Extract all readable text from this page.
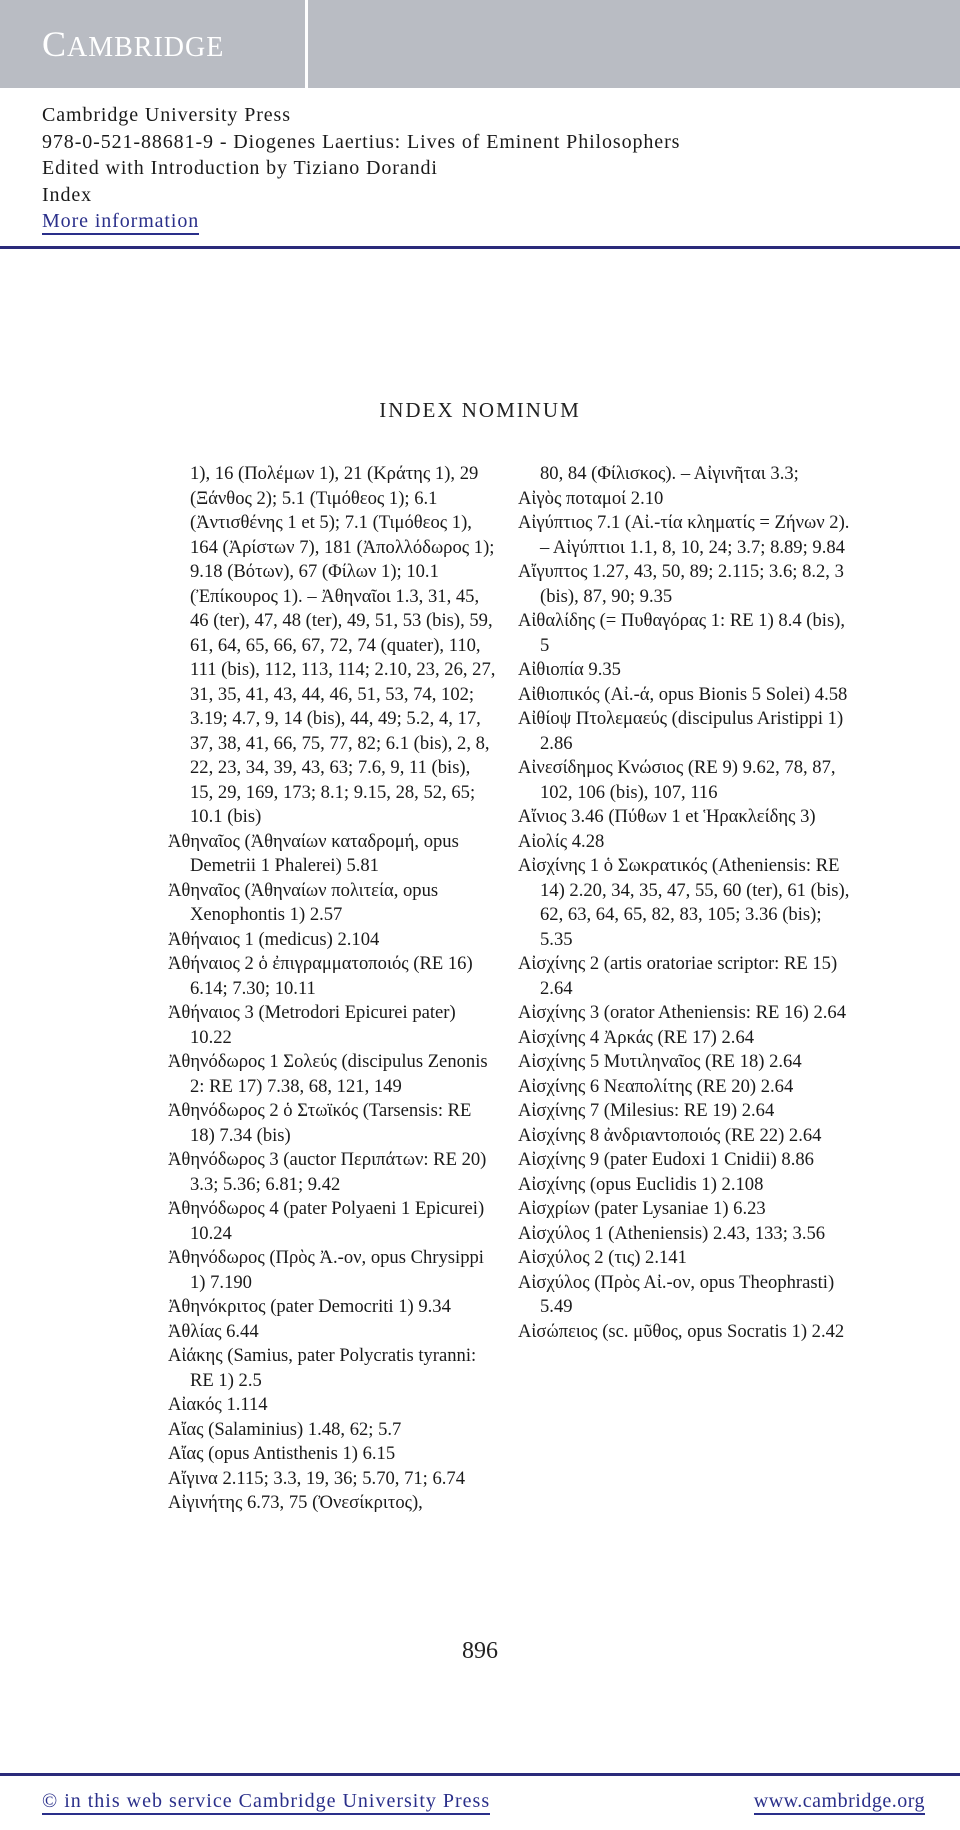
CAMBRIDGE
Cambridge University Press
978-0-521-88681-9 - Diogenes Laertius: Lives of Eminent Philosophers
Edited with Introduction by Tiziano Dorandi
Index
More information
INDEX NOMINUM
1), 16 (Πολέμων 1), 21 (Κράτης 1), 29 (Ξάνθος 2); 5.1 (Τιμόθεος 1); 6.1 (Ἀντισθένης 1 et 5); 7.1 (Τιμόθεος 1), 164 (Ἀρίστων 7), 181 (Ἀπολλόδωρος 1); 9.18 (Βότων), 67 (Φίλων 1); 10.1 (Ἐπίκουρος 1). – Ἀθηναῖοι 1.3, 31, 45, 46 (ter), 47, 48 (ter), 49, 51, 53 (bis), 59, 61, 64, 65, 66, 67, 72, 74 (quater), 110, 111 (bis), 112, 113, 114; 2.10, 23, 26, 27, 31, 35, 41, 43, 44, 46, 51, 53, 74, 102; 3.19; 4.7, 9, 14 (bis), 44, 49; 5.2, 4, 17, 37, 38, 41, 66, 75, 77, 82; 6.1 (bis), 2, 8, 22, 23, 34, 39, 43, 63; 7.6, 9, 11 (bis), 15, 29, 169, 173; 8.1; 9.15, 28, 52, 65; 10.1 (bis)
Ἀθηναῖος (Ἀθηναίων καταδρομή, opus Demetrii 1 Phalerei) 5.81
Ἀθηναῖος (Ἀθηναίων πολιτεία, opus Xenophontis 1) 2.57
Ἀθήναιος 1 (medicus) 2.104
Ἀθήναιος 2 ὁ ἐπιγραμματοποιός (RE 16) 6.14; 7.30; 10.11
Ἀθήναιος 3 (Metrodori Epicurei pater) 10.22
Ἀθηνόδωρος 1 Σολεύς (discipulus Zenonis 2: RE 17) 7.38, 68, 121, 149
Ἀθηνόδωρος 2 ὁ Στωϊκός (Tarsensis: RE 18) 7.34 (bis)
Ἀθηνόδωρος 3 (auctor Περιπάτων: RE 20) 3.3; 5.36; 6.81; 9.42
Ἀθηνόδωρος 4 (pater Polyaeni 1 Epicurei) 10.24
Ἀθηνόδωρος (Πρὸς Ἀ.-ον, opus Chrysippi 1) 7.190
Ἀθηνόκριτος (pater Democriti 1) 9.34
Ἀθλίας 6.44
Αἰάκης (Samius, pater Polycratis tyranni: RE 1) 2.5
Αἰακός 1.114
Αἴας (Salaminius) 1.48, 62; 5.7
Αἴας (opus Antisthenis 1) 6.15
Αἴγινα 2.115; 3.3, 19, 36; 5.70, 71; 6.74
Αἰγινήτης 6.73, 75 (Ὀνεσίκριτος),
80, 84 (Φίλισκος). – Αἰγινῆται 3.3;
Αἰγὸς ποταμοί 2.10
Αἰγύπτιος 7.1 (Αἰ.-τία κληματίς = Ζήνων 2). – Αἰγύπτιοι 1.1, 8, 10, 24; 3.7; 8.89; 9.84
Αἴγυπτος 1.27, 43, 50, 89; 2.115; 3.6; 8.2, 3 (bis), 87, 90; 9.35
Αἰθαλίδης (= Πυθαγόρας 1: RE 1) 8.4 (bis), 5
Αἰθιοπία 9.35
Αἰθιοπικός (Αἰ.-ά, opus Bionis 5 Solei) 4.58
Αἰθίοψ Πτολεμαεύς (discipulus Aristippi 1) 2.86
Αἰνεσίδημος Κνώσιος (RE 9) 9.62, 78, 87, 102, 106 (bis), 107, 116
Αἴνιος 3.46 (Πύθων 1 et Ἡρακλείδης 3)
Αἰολίς 4.28
Αἰσχίνης 1 ὁ Σωκρατικός (Atheniensis: RE 14) 2.20, 34, 35, 47, 55, 60 (ter), 61 (bis), 62, 63, 64, 65, 82, 83, 105; 3.36 (bis); 5.35
Αἰσχίνης 2 (artis oratoriae scriptor: RE 15) 2.64
Αἰσχίνης 3 (orator Atheniensis: RE 16) 2.64
Αἰσχίνης 4 Ἀρκάς (RE 17) 2.64
Αἰσχίνης 5 Μυτιληναῖος (RE 18) 2.64
Αἰσχίνης 6 Νεαπολίτης (RE 20) 2.64
Αἰσχίνης 7 (Milesius: RE 19) 2.64
Αἰσχίνης 8 ἀνδριαντοποιός (RE 22) 2.64
Αἰσχίνης 9 (pater Eudoxi 1 Cnidii) 8.86
Αἰσχίνης (opus Euclidis 1) 2.108
Αἰσχρίων (pater Lysaniae 1) 6.23
Αἰσχύλος 1 (Atheniensis) 2.43, 133; 3.56
Αἰσχύλος 2 (τις) 2.141
Αἰσχύλος (Πρὸς Αἰ.-ον, opus Theophrasti) 5.49
Αἰσώπειος (sc. μῦθος, opus Socratis 1) 2.42
896
© in this web service Cambridge University Press	www.cambridge.org
